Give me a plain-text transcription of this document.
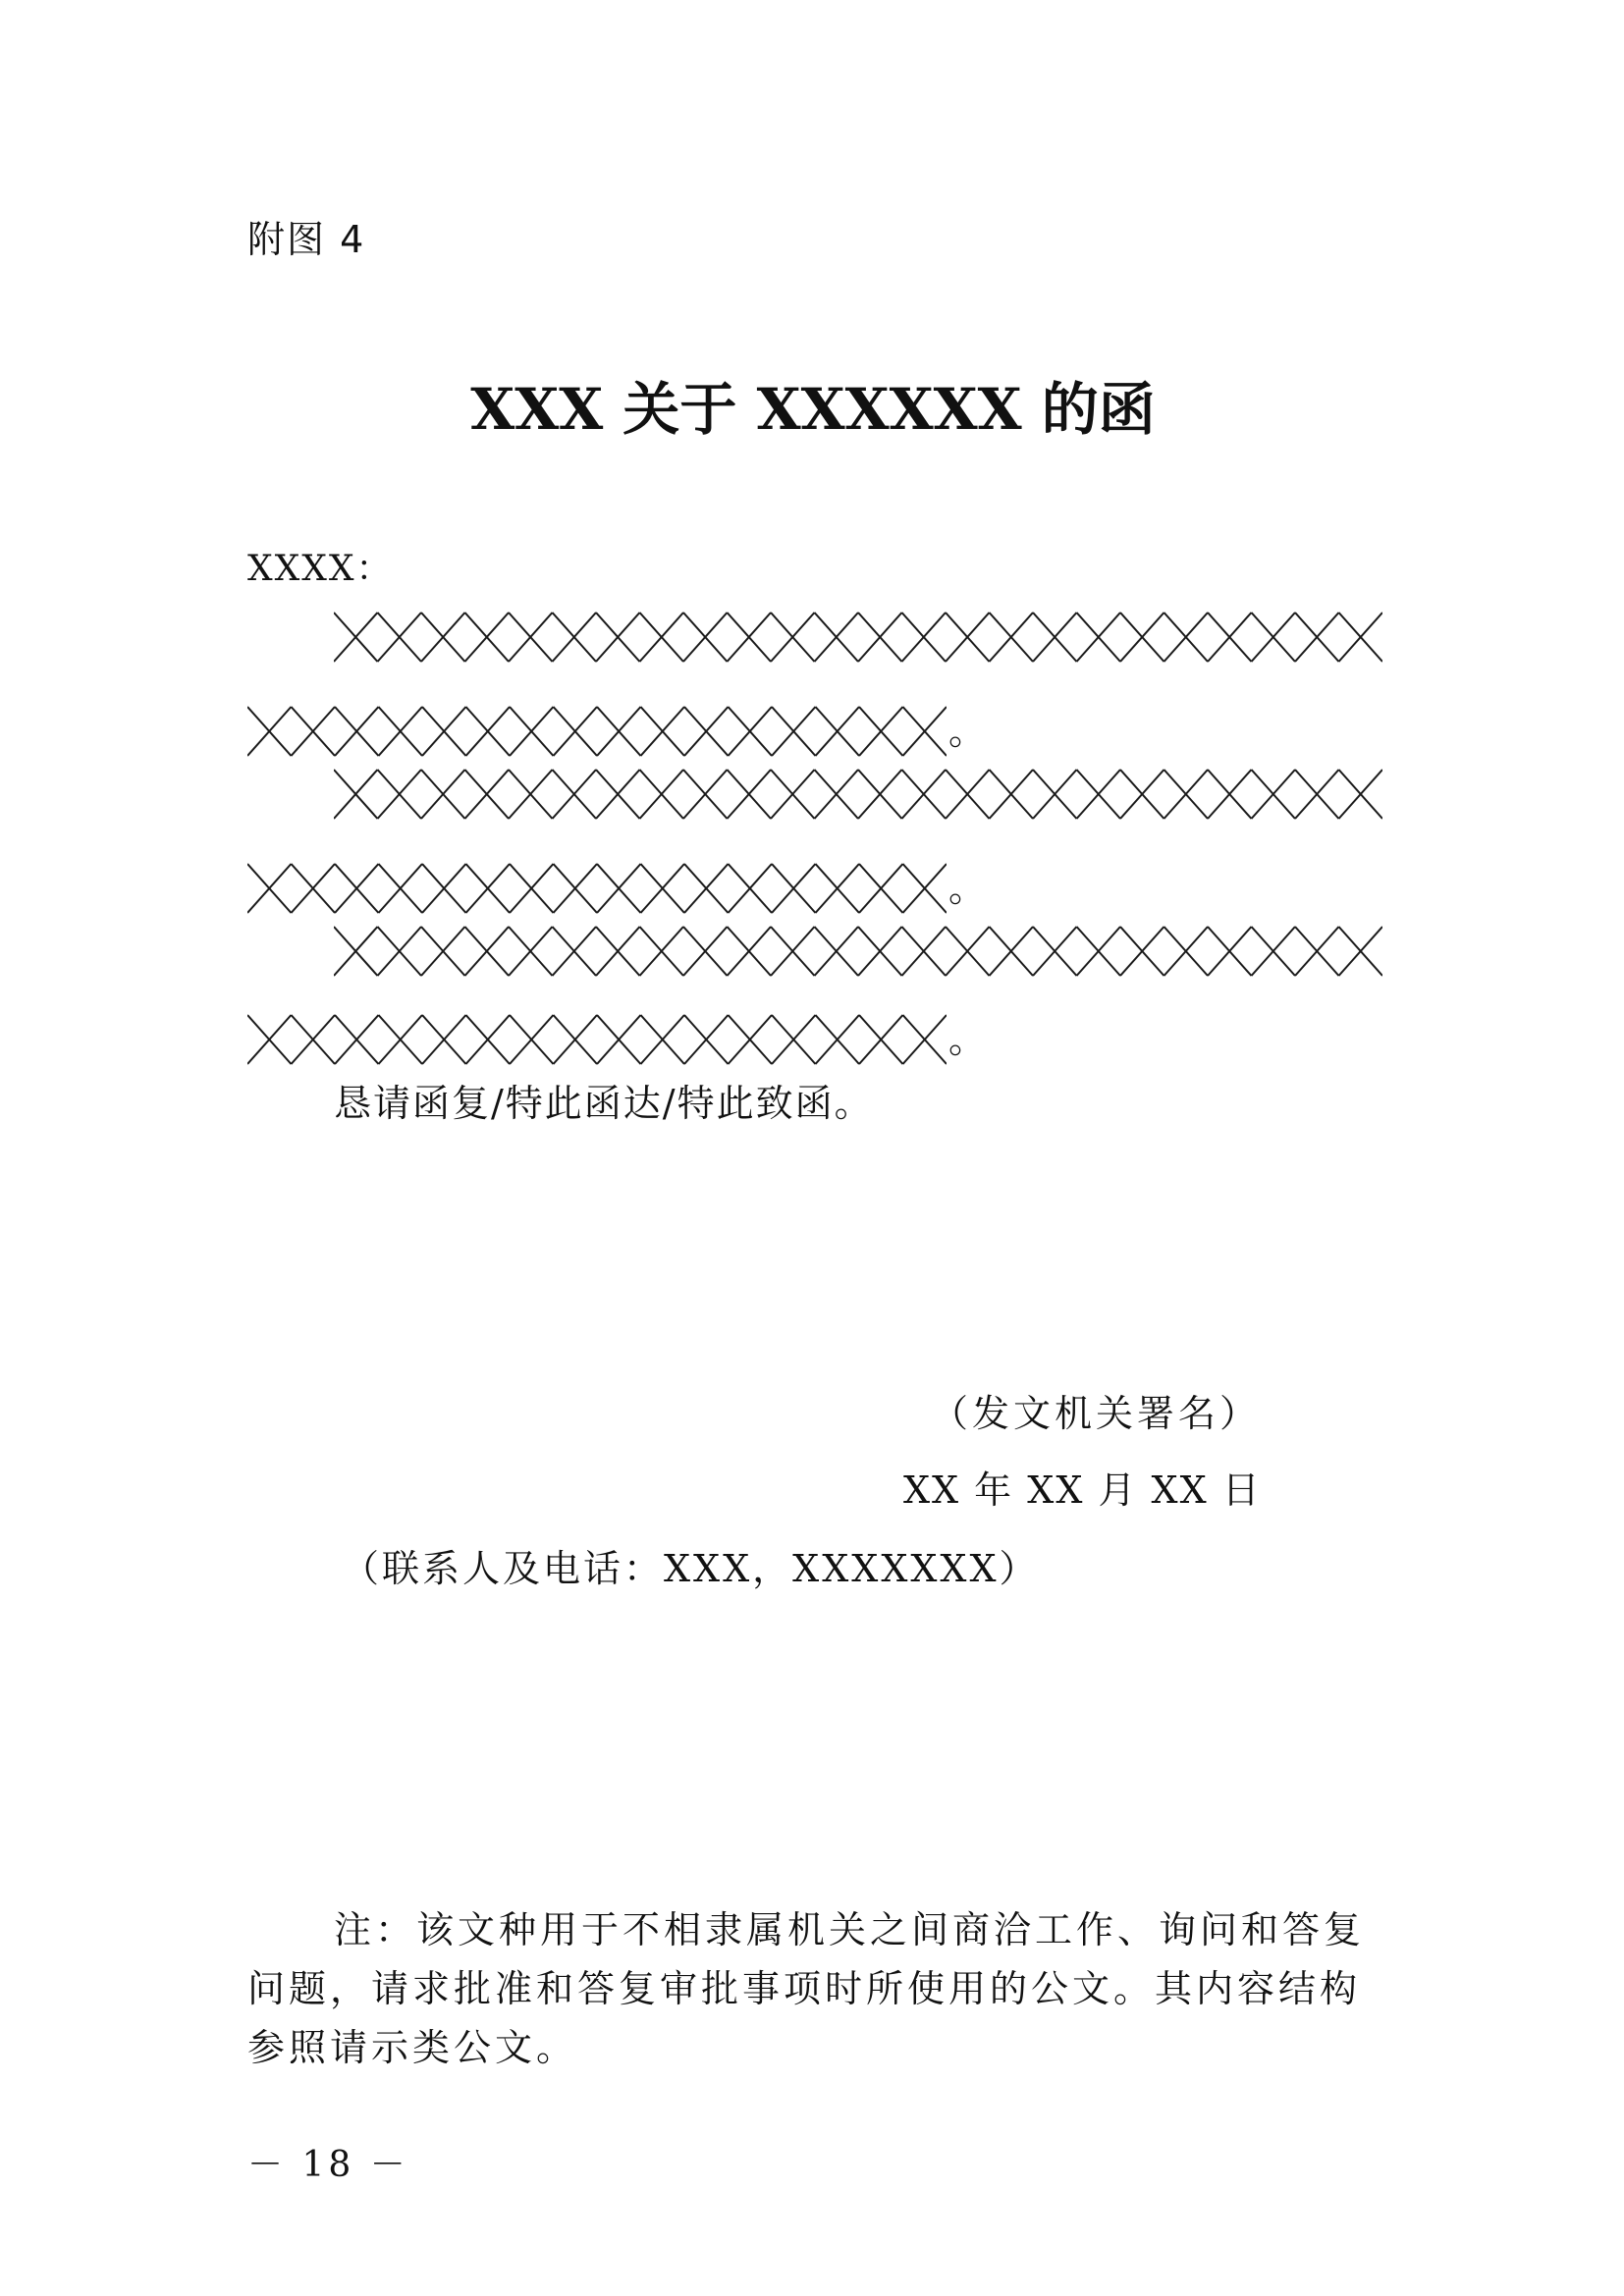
附图 4
XXX 关于 XXXXXX 的函
XXXX：
。
。
。
恳请函复/特此函达/特此致函。
（发文机关署名）
XX 年 XX 月 XX 日
（联系人及电话：XXX，XXXXXXX）

注：该文种用于不相隶属机关之间商洽工作、询问和答复问题，请求批准和答复审批事项时所使用的公文。其内容结构参照请示类公文。

－ 18 －
